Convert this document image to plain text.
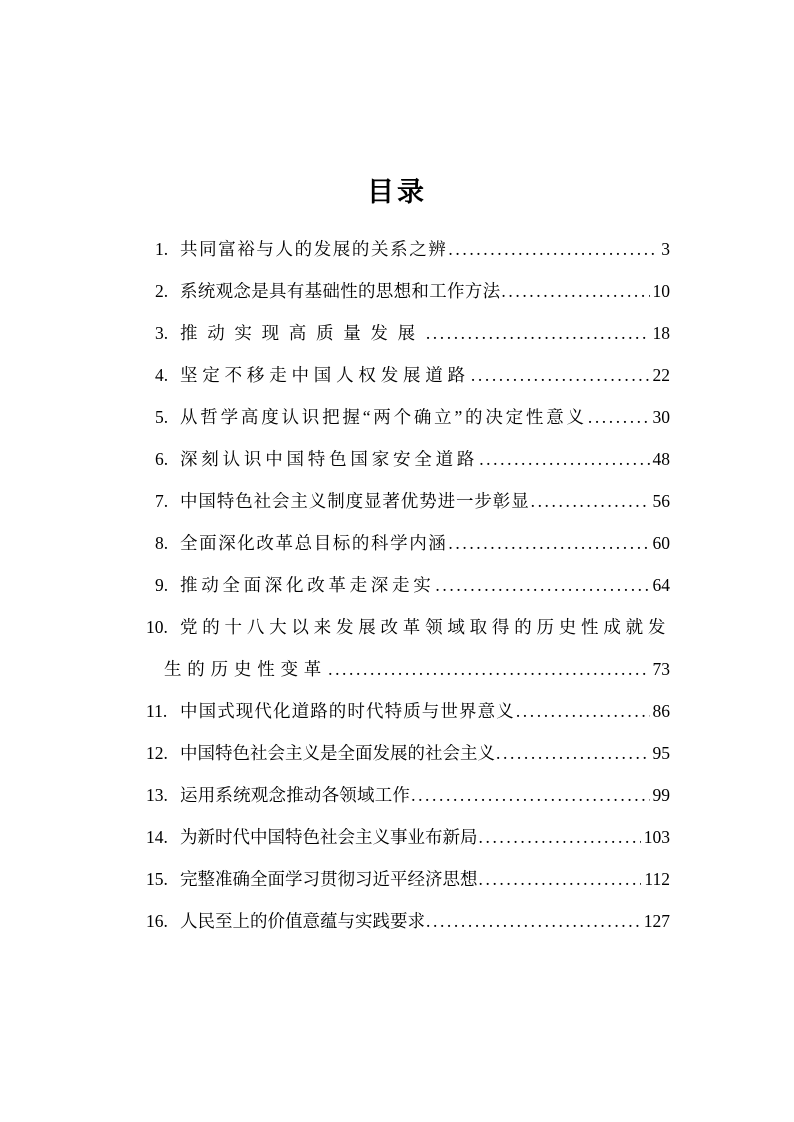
目录
1. 共同富裕与人的发展的关系之辨 .....	3
2. 系统观念是具有基础性的思想和工作方法 .....	10
3. 推动实现高质量发展 .....	18
4. 坚定不移走中国人权发展道路 .....	22
5. 从哲学高度认识把握“两个确立”的决定性意义 .....	30
6. 深刻认识中国特色国家安全道路 .....	48
7. 中国特色社会主义制度显著优势进一步彰显 .....	56
8. 全面深化改革总目标的科学内涵 .....	60
9. 推动全面深化改革走深走实 .....	64
10. 党的十八大以来发展改革领域取得的历史性成就发
生的历史性变革 .....	73
11. 中国式现代化道路的时代特质与世界意义 .....	86
12. 中国特色社会主义是全面发展的社会主义 .....	95
13. 运用系统观念推动各领域工作 .....	99
14. 为新时代中国特色社会主义事业布新局 .....	103
15. 完整准确全面学习贯彻习近平经济思想 .....	112
16. 人民至上的价值意蕴与实践要求 .....	127
